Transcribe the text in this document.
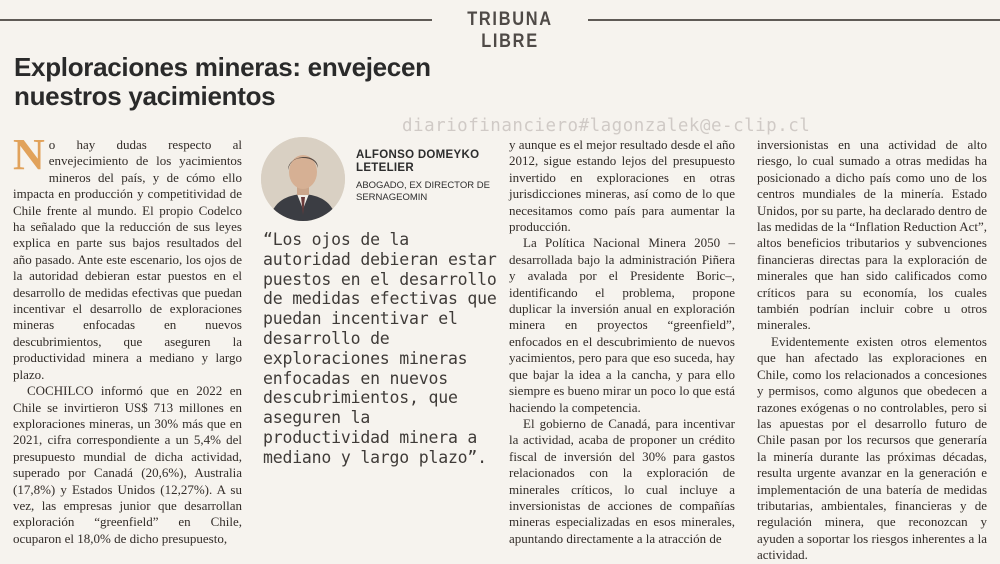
TRIBUNA LIBRE
Exploraciones mineras: envejecen nuestros yacimientos
diariofinanciero#lagonzalek@e-clip.cl

No hay dudas respecto al envejecimiento de los yacimientos mineros del país, y de cómo ello impacta en producción y competitividad de Chile frente al mundo. El propio Codelco ha señalado que la reducción de sus leyes explica en parte sus bajos resultados del año pasado. Ante este escenario, los ojos de la autoridad debieran estar puestos en el desarrollo de medidas efectivas que puedan incentivar el desarrollo de exploraciones mineras enfocadas en nuevos descubrimientos, que aseguren la productividad minera a mediano y largo plazo.

COCHILCO informó que en 2022 en Chile se invirtieron US$ 713 millones en exploraciones mineras, un 30% más que en 2021, cifra correspondiente a un 5,4% del presupuesto mundial de dicha actividad, superado por Canadá (20,6%), Australia (17,8%) y Estados Unidos (12,27%). A su vez, las empresas junior que desarrollan exploración “greenfield” en Chile, ocuparon el 18,0% de dicho presupuesto,

ALFONSO DOMEYKO LETELIER
ABOGADO, EX DIRECTOR DE SERNAGEOMIN

“Los ojos de la autoridad debieran estar puestos en el desarrollo de medidas efectivas que puedan incentivar el desarrollo de exploraciones mineras enfocadas en nuevos descubrimientos, que aseguren la productividad minera a mediano y largo plazo”.

y aunque es el mejor resultado desde el año 2012, sigue estando lejos del presupuesto invertido en exploraciones en otras jurisdicciones mineras, así como de lo que necesitamos como país para aumentar la producción.

La Política Nacional Minera 2050 –desarrollada bajo la administración Piñera y avalada por el Presidente Boric–, identificando el problema, propone duplicar la inversión anual en exploración minera en proyectos “greenfield”, enfocados en el descubrimiento de nuevos yacimientos, pero para que eso suceda, hay que bajar la idea a la cancha, y para ello siempre es bueno mirar un poco lo que está haciendo la competencia.

El gobierno de Canadá, para incentivar la actividad, acaba de proponer un crédito fiscal de inversión del 30% para gastos relacionados con la exploración de minerales críticos, lo cual incluye a inversionistas de acciones de compañías mineras especializadas en esos minerales, apuntando directamente a la atracción de

inversionistas en una actividad de alto riesgo, lo cual sumado a otras medidas ha posicionado a dicho país como uno de los centros mundiales de la minería. Estado Unidos, por su parte, ha declarado dentro de las medidas de la “Inflation Reduction Act”, altos beneficios tributarios y subvenciones financieras directas para la exploración de minerales que han sido calificados como críticos para su economía, los cuales también podrían incluir cobre u otros minerales.

Evidentemente existen otros elementos que han afectado las exploraciones en Chile, como los relacionados a concesiones y permisos, como algunos que obedecen a razones exógenas o no controlables, pero si las apuestas por el desarrollo futuro de Chile pasan por los recursos que generaría la minería durante las próximas décadas, resulta urgente avanzar en la generación e implementación de una batería de medidas tributarias, ambientales, financieras y de regulación minera, que reconozcan y ayuden a soportar los riesgos inherentes a la actividad.
